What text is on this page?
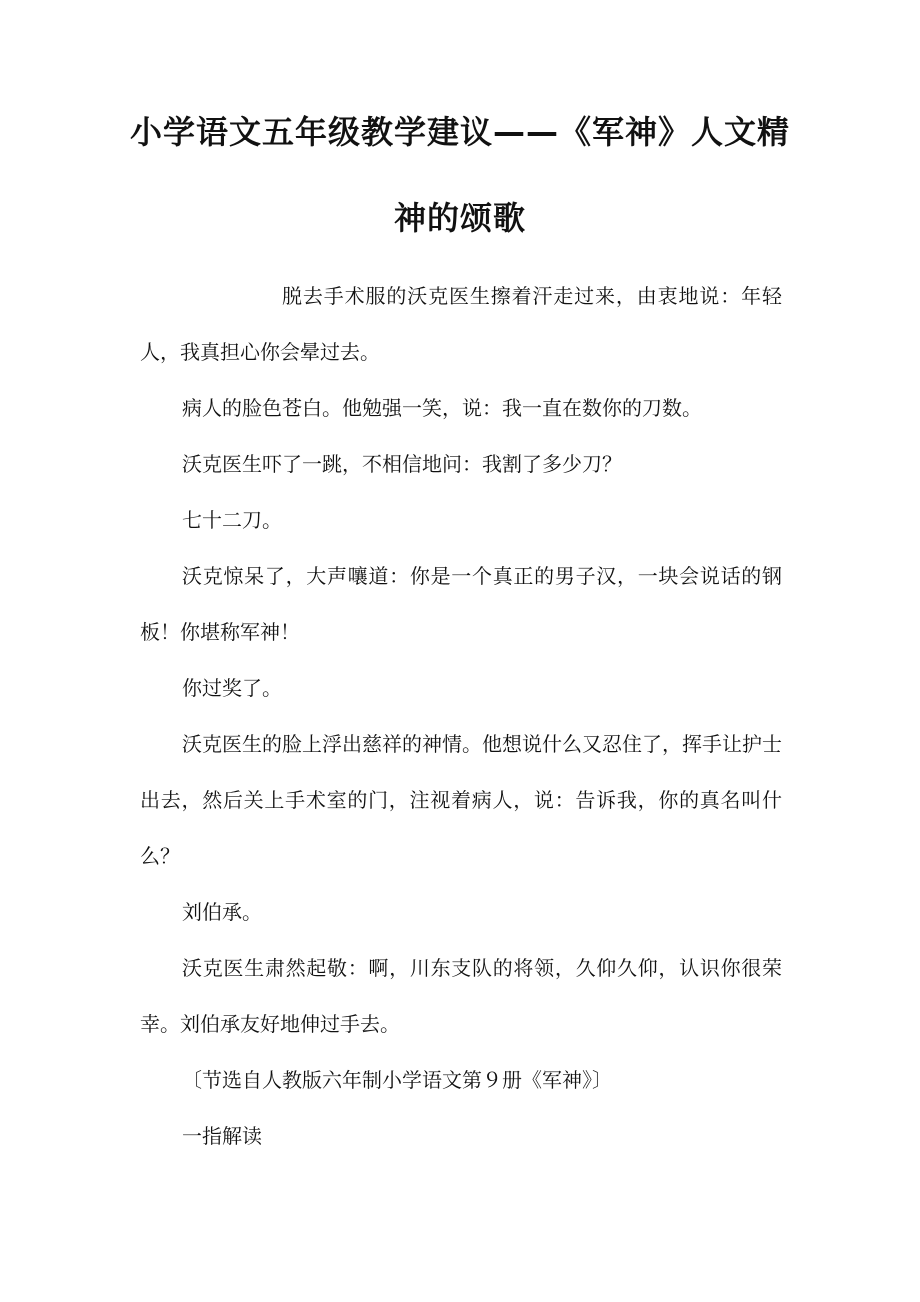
小学语文五年级教学建议——《军神》人文精
神的颂歌

脱去手术服的沃克医生擦着汗走过来，由衷地说：年轻人，我真担心你会晕过去。

病人的脸色苍白。他勉强一笑，说：我一直在数你的刀数。

沃克医生吓了一跳，不相信地问：我割了多少刀？

七十二刀。

沃克惊呆了，大声嚷道：你是一个真正的男子汉，一块会说话的钢板！你堪称军神！

你过奖了。

沃克医生的脸上浮出慈祥的神情。他想说什么又忍住了，挥手让护士出去，然后关上手术室的门，注视着病人，说：告诉我，你的真名叫什么？

刘伯承。

沃克医生肃然起敬：啊，川东支队的将领，久仰久仰，认识你很荣幸。刘伯承友好地伸过手去。

〔节选自人教版六年制小学语文第９册《军神》〕

一指解读
